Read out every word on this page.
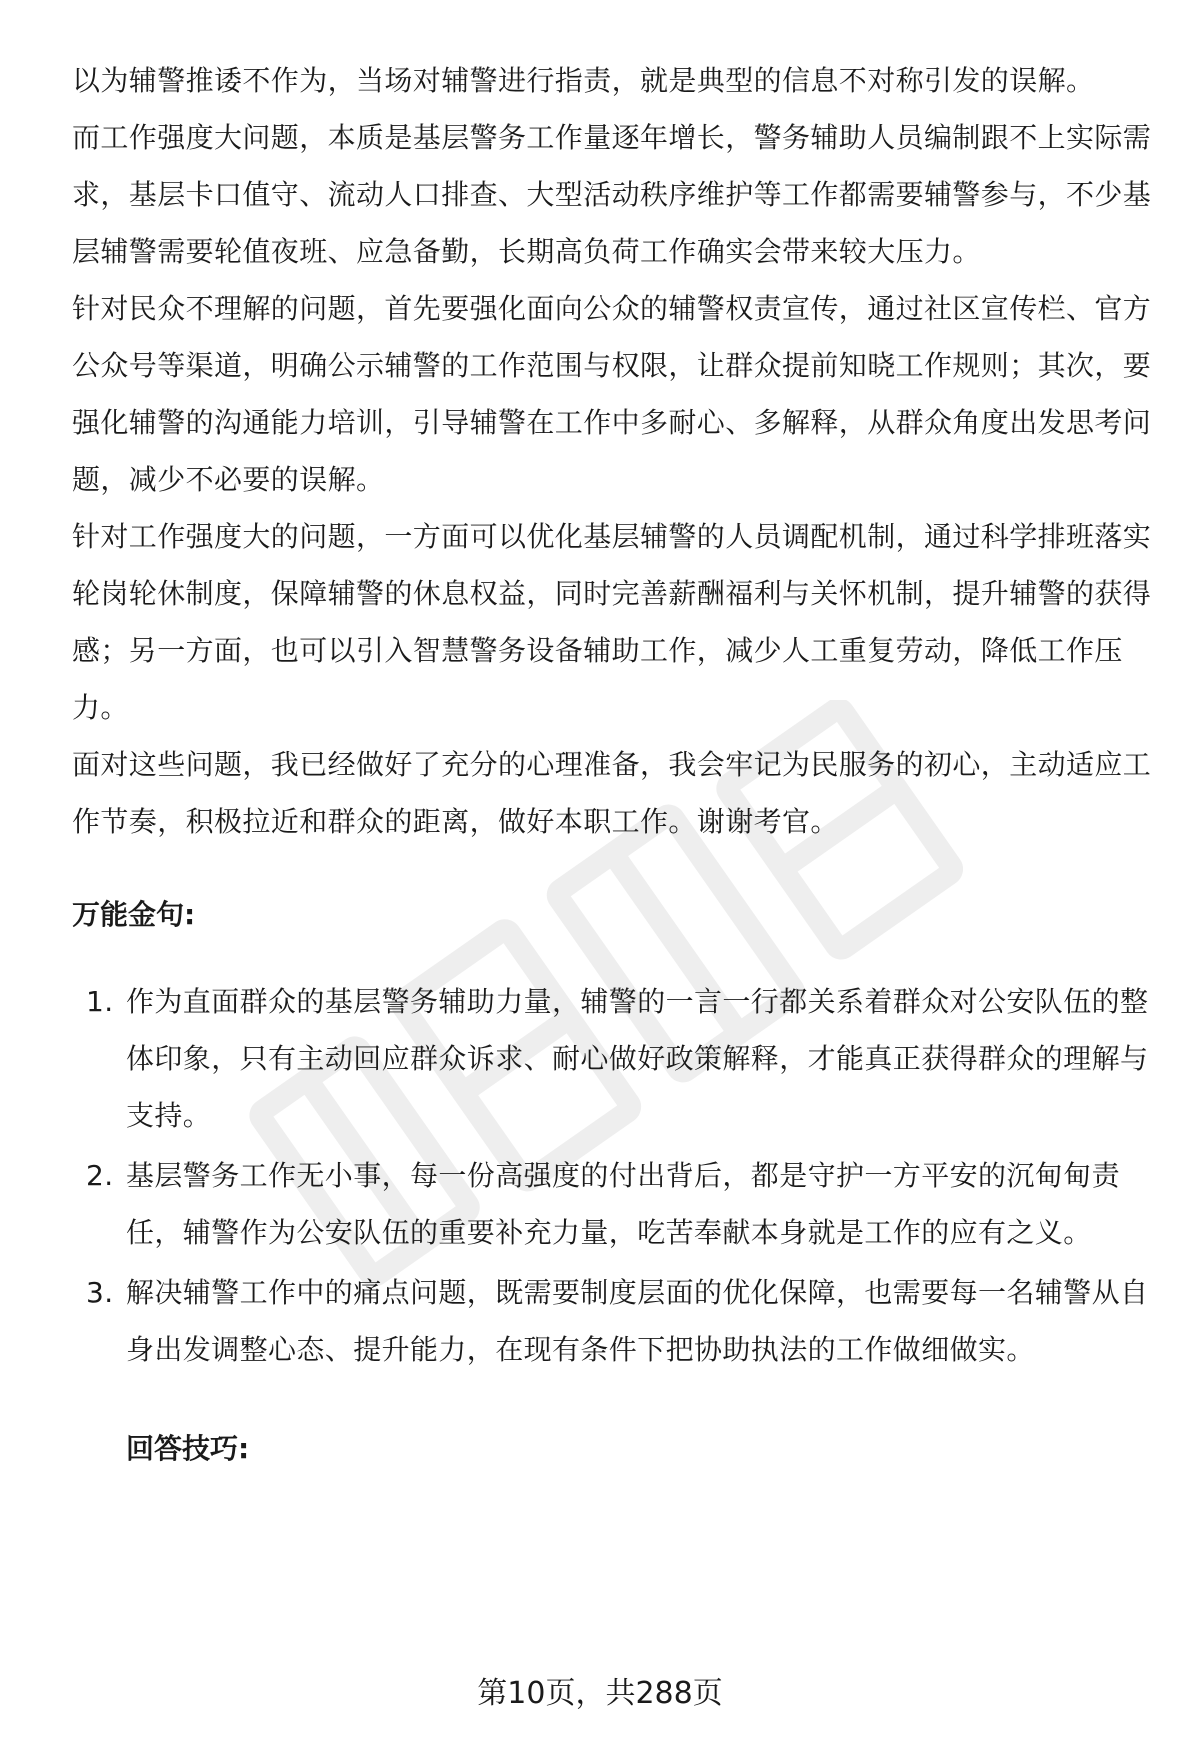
以为辅警推诿不作为，当场对辅警进行指责，就是典型的信息不对称引发的误解。

而工作强度大问题，本质是基层警务工作量逐年增长，警务辅助人员编制跟不上实际需求，基层卡口值守、流动人口排查、大型活动秩序维护等工作都需要辅警参与，不少基层辅警需要轮值夜班、应急备勤，长期高负荷工作确实会带来较大压力。

针对民众不理解的问题，首先要强化面向公众的辅警权责宣传，通过社区宣传栏、官方公众号等渠道，明确公示辅警的工作范围与权限，让群众提前知晓工作规则；其次，要强化辅警的沟通能力培训，引导辅警在工作中多耐心、多解释，从群众角度出发思考问题，减少不必要的误解。

针对工作强度大的问题，一方面可以优化基层辅警的人员调配机制，通过科学排班落实轮岗轮休制度，保障辅警的休息权益，同时完善薪酬福利与关怀机制，提升辅警的获得感；另一方面，也可以引入智慧警务设备辅助工作，减少人工重复劳动，降低工作压力。

面对这些问题，我已经做好了充分的心理准备，我会牢记为民服务的初心，主动适应工作节奏，积极拉近和群众的距离，做好本职工作。谢谢考官。

万能金句:
1. 作为直面群众的基层警务辅助力量，辅警的一言一行都关系着群众对公安队伍的整体印象，只有主动回应群众诉求、耐心做好政策解释，才能真正获得群众的理解与支持。
2. 基层警务工作无小事，每一份高强度的付出背后，都是守护一方平安的沉甸甸责任，辅警作为公安队伍的重要补充力量，吃苦奉献本身就是工作的应有之义。
3. 解决辅警工作中的痛点问题，既需要制度层面的优化保障，也需要每一名辅警从自身出发调整心态、提升能力，在现有条件下把协助执法的工作做细做实。
回答技巧:
第10页，共288页
